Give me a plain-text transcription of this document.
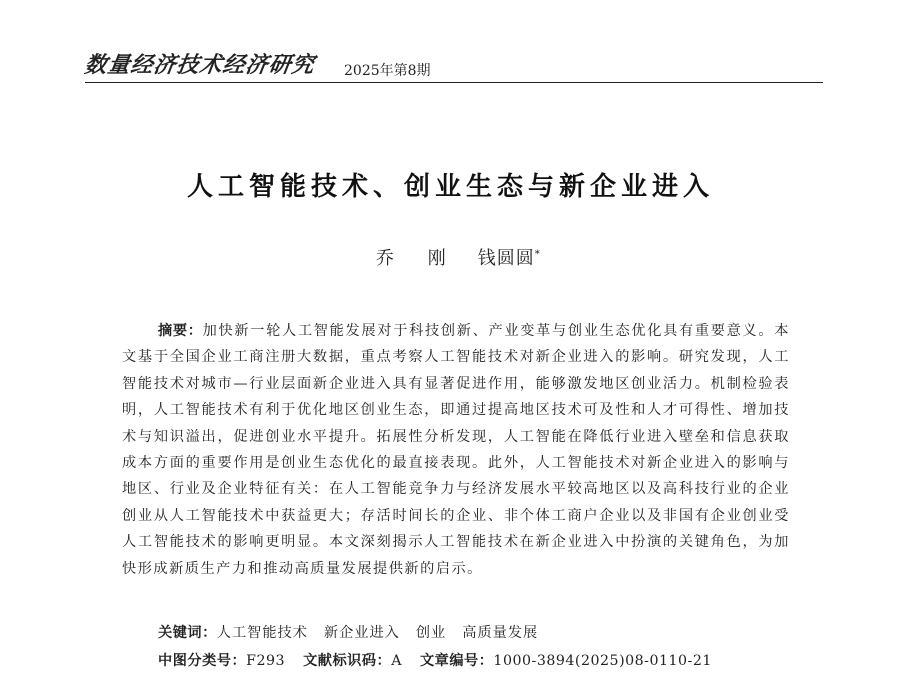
数量经济技术经济研究 2025年第8期
人工智能技术、创业生态与新企业进入
乔 刚 钱圆圆*
摘要：加快新一轮人工智能发展对于科技创新、产业变革与创业生态优化具有重要意义。本文基于全国企业工商注册大数据，重点考察人工智能技术对新企业进入的影响。研究发现，人工智能技术对城市—行业层面新企业进入具有显著促进作用，能够激发地区创业活力。机制检验表明，人工智能技术有利于优化地区创业生态，即通过提高地区技术可及性和人才可得性、增加技术与知识溢出，促进创业水平提升。拓展性分析发现，人工智能在降低行业进入壁垒和信息获取成本方面的重要作用是创业生态优化的最直接表现。此外，人工智能技术对新企业进入的影响与地区、行业及企业特征有关：在人工智能竞争力与经济发展水平较高地区以及高科技行业的企业创业从人工智能技术中获益更大；存活时间长的企业、非个体工商户企业以及非国有企业创业受人工智能技术的影响更明显。本文深刻揭示人工智能技术在新企业进入中扮演的关键角色，为加快形成新质生产力和推动高质量发展提供新的启示。
关键词：人工智能技术 新企业进入 创业 高质量发展
中图分类号：F293 文献标识码：A 文章编号：1000-3894(2025)08-0110-21
